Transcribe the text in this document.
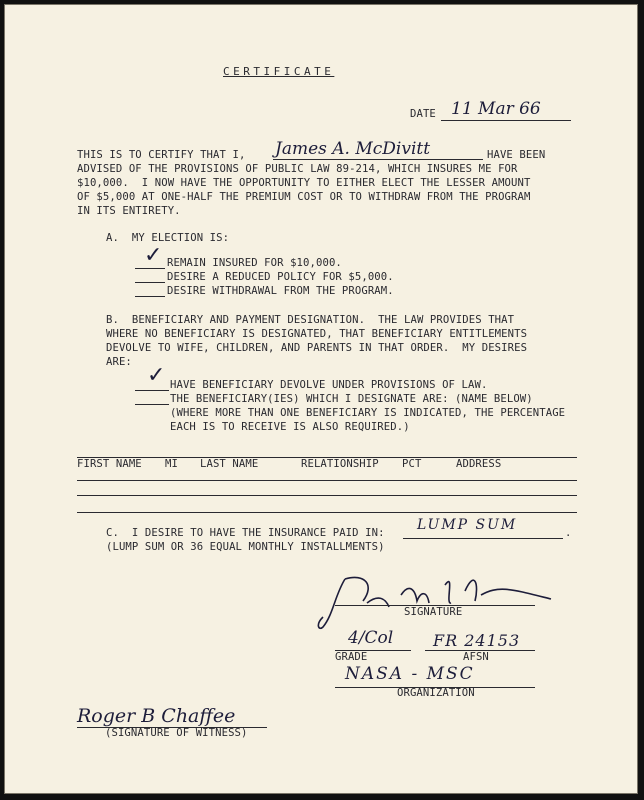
CERTIFICATE
DATE 11 Mar 66
THIS IS TO CERTIFY THAT I, James A. McDivitt	HAVE BEEN
ADVISED OF THE PROVISIONS OF PUBLIC LAW 89-214, WHICH INSURES ME FOR
$10,000.  I NOW HAVE THE OPPORTUNITY TO EITHER ELECT THE LESSER AMOUNT
OF $5,000 AT ONE-HALF THE PREMIUM COST OR TO WITHDRAW FROM THE PROGRAM
IN ITS ENTIRETY.
A.  MY ELECTION IS:
✓ REMAIN INSURED FOR $10,000.
DESIRE A REDUCED POLICY FOR $5,000.
DESIRE WITHDRAWAL FROM THE PROGRAM.
B.  BENEFICIARY AND PAYMENT DESIGNATION.  THE LAW PROVIDES THAT
WHERE NO BENEFICIARY IS DESIGNATED, THAT BENEFICIARY ENTITLEMENTS
DEVOLVE TO WIFE, CHILDREN, AND PARENTS IN THAT ORDER.  MY DESIRES
ARE:
✓ HAVE BENEFICIARY DEVOLVE UNDER PROVISIONS OF LAW.
THE BENEFICIARY(IES) WHICH I DESIGNATE ARE: (NAME BELOW)
(WHERE MORE THAN ONE BENEFICIARY IS INDICATED, THE PERCENTAGE
EACH IS TO RECEIVE IS ALSO REQUIRED.)
FIRST NAME MI LAST NAME	RELATIONSHIP PCT	ADDRESS
C.  I DESIRE TO HAVE THE INSURANCE PAID IN: LUMP SUM	.
(LUMP SUM OR 36 EQUAL MONTHLY INSTALLMENTS)
SIGNATURE
4/Col FR 24153
GRADE	AFSN
NASA - MSC
ORGANIZATION
Roger B Chaffee
(SIGNATURE OF WITNESS)
